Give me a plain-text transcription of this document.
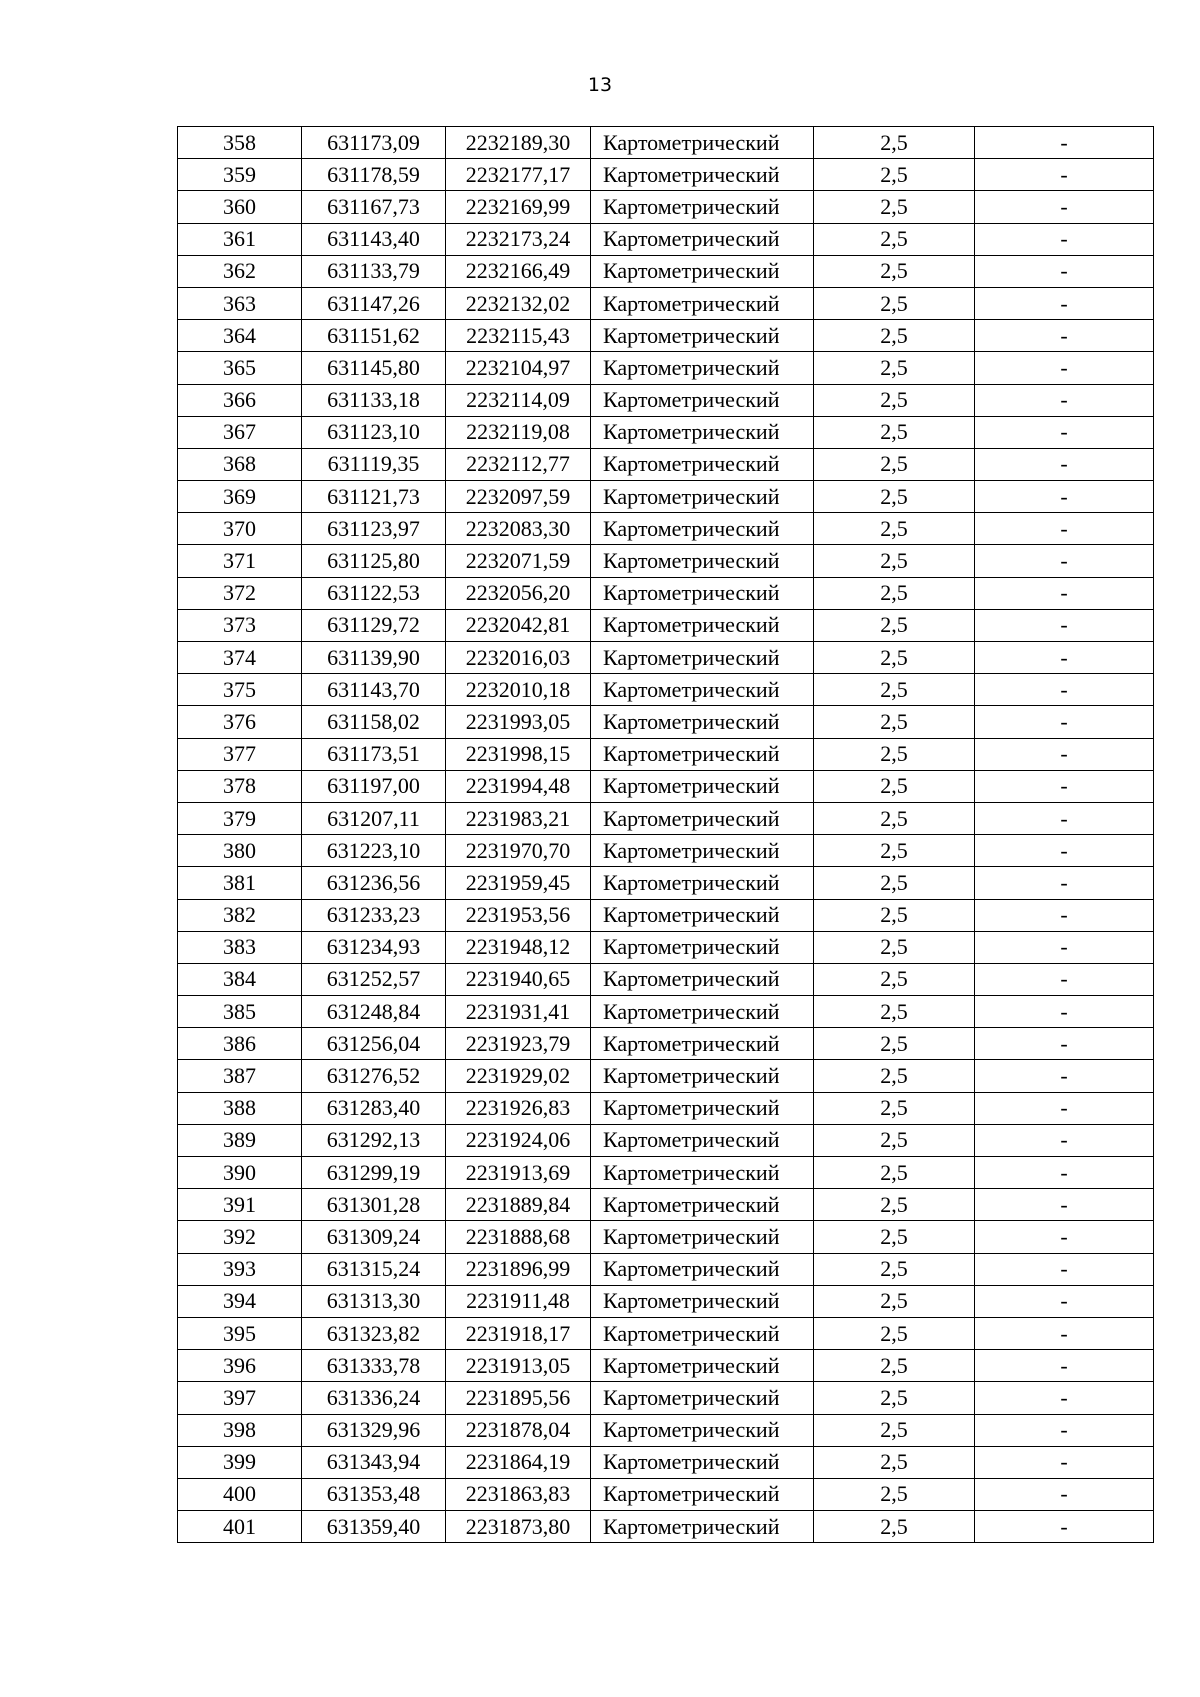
13
358	631173,09	2232189,30	Картометрический	2,5	-
359	631178,59	2232177,17	Картометрический	2,5	-
360	631167,73	2232169,99	Картометрический	2,5	-
361	631143,40	2232173,24	Картометрический	2,5	-
362	631133,79	2232166,49	Картометрический	2,5	-
363	631147,26	2232132,02	Картометрический	2,5	-
364	631151,62	2232115,43	Картометрический	2,5	-
365	631145,80	2232104,97	Картометрический	2,5	-
366	631133,18	2232114,09	Картометрический	2,5	-
367	631123,10	2232119,08	Картометрический	2,5	-
368	631119,35	2232112,77	Картометрический	2,5	-
369	631121,73	2232097,59	Картометрический	2,5	-
370	631123,97	2232083,30	Картометрический	2,5	-
371	631125,80	2232071,59	Картометрический	2,5	-
372	631122,53	2232056,20	Картометрический	2,5	-
373	631129,72	2232042,81	Картометрический	2,5	-
374	631139,90	2232016,03	Картометрический	2,5	-
375	631143,70	2232010,18	Картометрический	2,5	-
376	631158,02	2231993,05	Картометрический	2,5	-
377	631173,51	2231998,15	Картометрический	2,5	-
378	631197,00	2231994,48	Картометрический	2,5	-
379	631207,11	2231983,21	Картометрический	2,5	-
380	631223,10	2231970,70	Картометрический	2,5	-
381	631236,56	2231959,45	Картометрический	2,5	-
382	631233,23	2231953,56	Картометрический	2,5	-
383	631234,93	2231948,12	Картометрический	2,5	-
384	631252,57	2231940,65	Картометрический	2,5	-
385	631248,84	2231931,41	Картометрический	2,5	-
386	631256,04	2231923,79	Картометрический	2,5	-
387	631276,52	2231929,02	Картометрический	2,5	-
388	631283,40	2231926,83	Картометрический	2,5	-
389	631292,13	2231924,06	Картометрический	2,5	-
390	631299,19	2231913,69	Картометрический	2,5	-
391	631301,28	2231889,84	Картометрический	2,5	-
392	631309,24	2231888,68	Картометрический	2,5	-
393	631315,24	2231896,99	Картометрический	2,5	-
394	631313,30	2231911,48	Картометрический	2,5	-
395	631323,82	2231918,17	Картометрический	2,5	-
396	631333,78	2231913,05	Картометрический	2,5	-
397	631336,24	2231895,56	Картометрический	2,5	-
398	631329,96	2231878,04	Картометрический	2,5	-
399	631343,94	2231864,19	Картометрический	2,5	-
400	631353,48	2231863,83	Картометрический	2,5	-
401	631359,40	2231873,80	Картометрический	2,5	-
